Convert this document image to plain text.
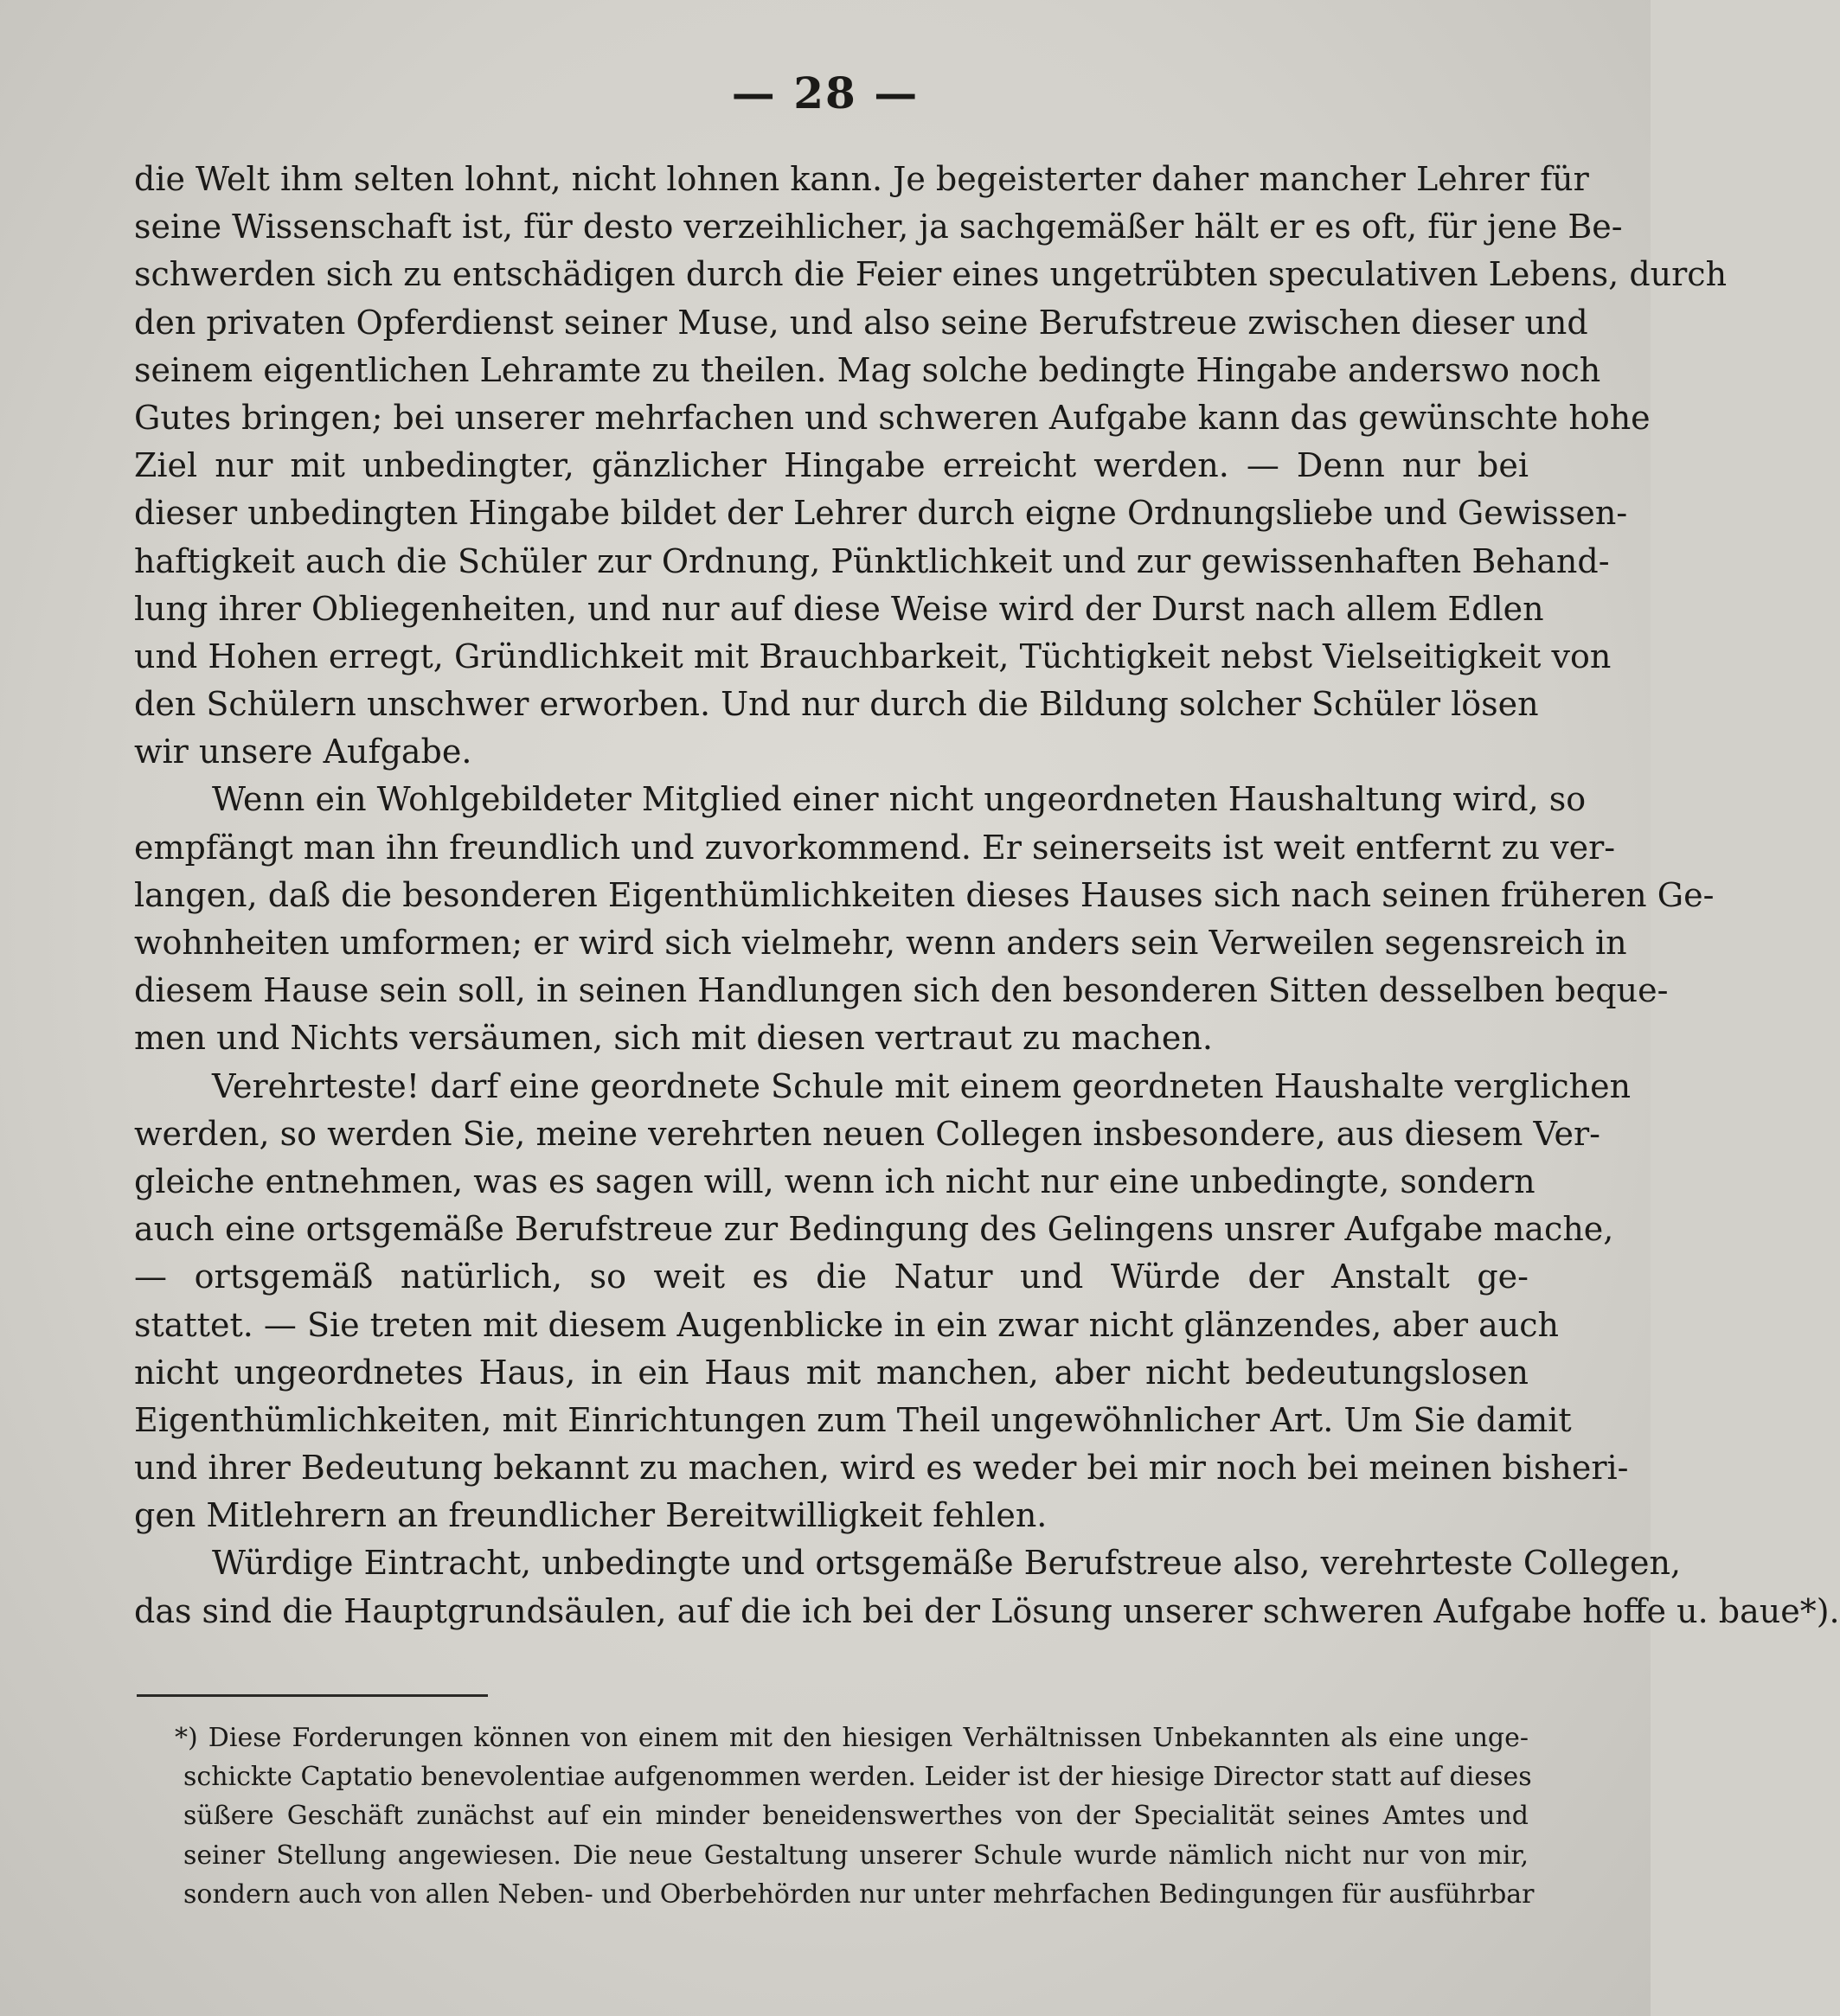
— 28 —
die Welt ihm selten lohnt, nicht lohnen kann. Je begeisterter daher mancher Lehrer für
seine Wissenschaft ist, für desto verzeihlicher, ja sachgemäßer hält er es oft, für jene Be-
schwerden sich zu entschädigen durch die Feier eines ungetrübten speculativen Lebens, durch
den privaten Opferdienst seiner Muse, und also seine Berufstreue zwischen dieser und
seinem eigentlichen Lehramte zu theilen. Mag solche bedingte Hingabe anderswo noch
Gutes bringen; bei unserer mehrfachen und schweren Aufgabe kann das gewünschte hohe
Ziel nur mit unbedingter, gänzlicher Hingabe erreicht werden. — Denn nur bei
dieser unbedingten Hingabe bildet der Lehrer durch eigne Ordnungsliebe und Gewissen-
haftigkeit auch die Schüler zur Ordnung, Pünktlichkeit und zur gewissenhaften Behand-
lung ihrer Obliegenheiten, und nur auf diese Weise wird der Durst nach allem Edlen
und Hohen erregt, Gründlichkeit mit Brauchbarkeit, Tüchtigkeit nebst Vielseitigkeit von
den Schülern unschwer erworben. Und nur durch die Bildung solcher Schüler lösen
wir unsere Aufgabe.
Wenn ein Wohlgebildeter Mitglied einer nicht ungeordneten Haushaltung wird, so
empfängt man ihn freundlich und zuvorkommend. Er seinerseits ist weit entfernt zu ver-
langen, daß die besonderen Eigenthümlichkeiten dieses Hauses sich nach seinen früheren Ge-
wohnheiten umformen; er wird sich vielmehr, wenn anders sein Verweilen segensreich in
diesem Hause sein soll, in seinen Handlungen sich den besonderen Sitten desselben beque-
men und Nichts versäumen, sich mit diesen vertraut zu machen.
Verehrteste! darf eine geordnete Schule mit einem geordneten Haushalte verglichen
werden, so werden Sie, meine verehrten neuen Collegen insbesondere, aus diesem Ver-
gleiche entnehmen, was es sagen will, wenn ich nicht nur eine unbedingte, sondern
auch eine ortsgemäße Berufstreue zur Bedingung des Gelingens unsrer Aufgabe mache,
— ortsgemäß natürlich, so weit es die Natur und Würde der Anstalt ge-
stattet. — Sie treten mit diesem Augenblicke in ein zwar nicht glänzendes, aber auch
nicht ungeordnetes Haus, in ein Haus mit manchen, aber nicht bedeutungslosen
Eigenthümlichkeiten, mit Einrichtungen zum Theil ungewöhnlicher Art. Um Sie damit
und ihrer Bedeutung bekannt zu machen, wird es weder bei mir noch bei meinen bisheri-
gen Mitlehrern an freundlicher Bereitwilligkeit fehlen.
Würdige Eintracht, unbedingte und ortsgemäße Berufstreue also, verehrteste Collegen,
das sind die Hauptgrundsäulen, auf die ich bei der Lösung unserer schweren Aufgabe hoffe u. baue*).
*) Diese Forderungen können von einem mit den hiesigen Verhältnissen Unbekannten als eine unge-
schickte Captatio benevolentiae aufgenommen werden. Leider ist der hiesige Director statt auf dieses
süßere Geschäft zunächst auf ein minder beneidenswerthes von der Specialität seines Amtes und
seiner Stellung angewiesen. Die neue Gestaltung unserer Schule wurde nämlich nicht nur von mir,
sondern auch von allen Neben- und Oberbehörden nur unter mehrfachen Bedingungen für ausführbar
